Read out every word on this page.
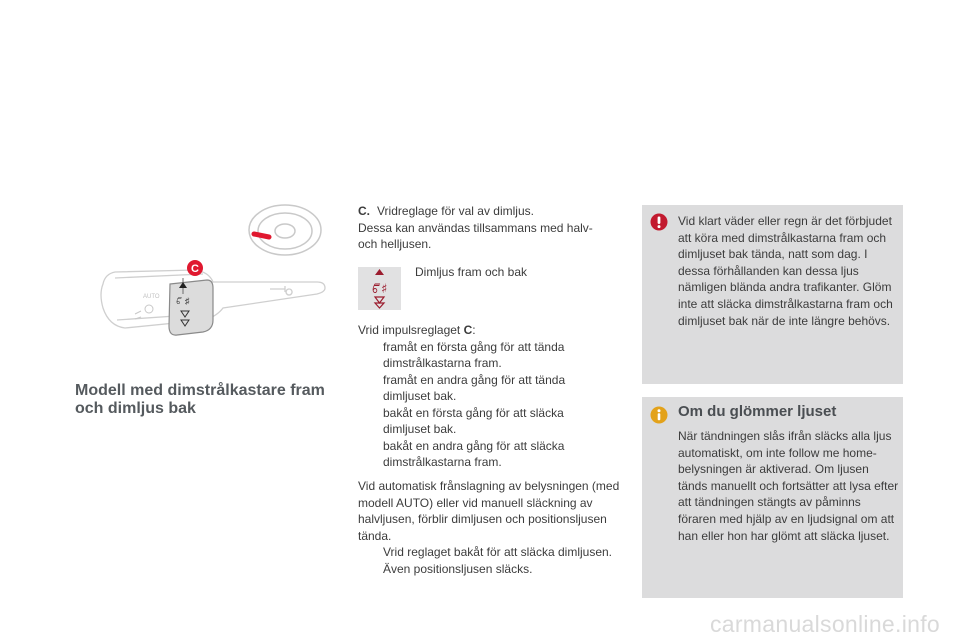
AUTO ꔿ ♯
C
Modell med dimstrålkastare fram och dimljus bak
C. Vridreglage för val av dimljus.
Dessa kan användas tillsammans med halv- och helljusen.
ꔿ♯
Dimljus fram och bak
Vrid impulsreglaget C:
framåt en första gång för att tända dimstrålkastarna fram.
framåt en andra gång för att tända dimljuset bak.
bakåt en första gång för att släcka dimljuset bak.
bakåt en andra gång för att släcka dimstrålkastarna fram.
Vid automatisk frånslagning av belysningen (med modell AUTO) eller vid manuell släckning av halvljusen, förblir dimljusen och positionsljusen tända.
Vrid reglaget bakåt för att släcka dimljusen. Även positionsljusen släcks.
Vid klart väder eller regn är det förbjudet att köra med dimstrålkastarna fram och dimljuset bak tända, natt som dag. I dessa förhållanden kan dessa ljus nämligen blända andra trafikanter. Glöm inte att släcka dimstrålkastarna fram och dimljuset bak när de inte längre behövs.
Om du glömmer ljuset
När tändningen slås ifrån släcks alla ljus automatiskt, om inte follow me home-belysningen är aktiverad. Om ljusen tänds manuellt och fortsätter att lysa efter att tändningen stängts av påminns föraren med hjälp av en ljudsignal om att han eller hon har glömt att släcka ljuset.
carmanualsonline.info
